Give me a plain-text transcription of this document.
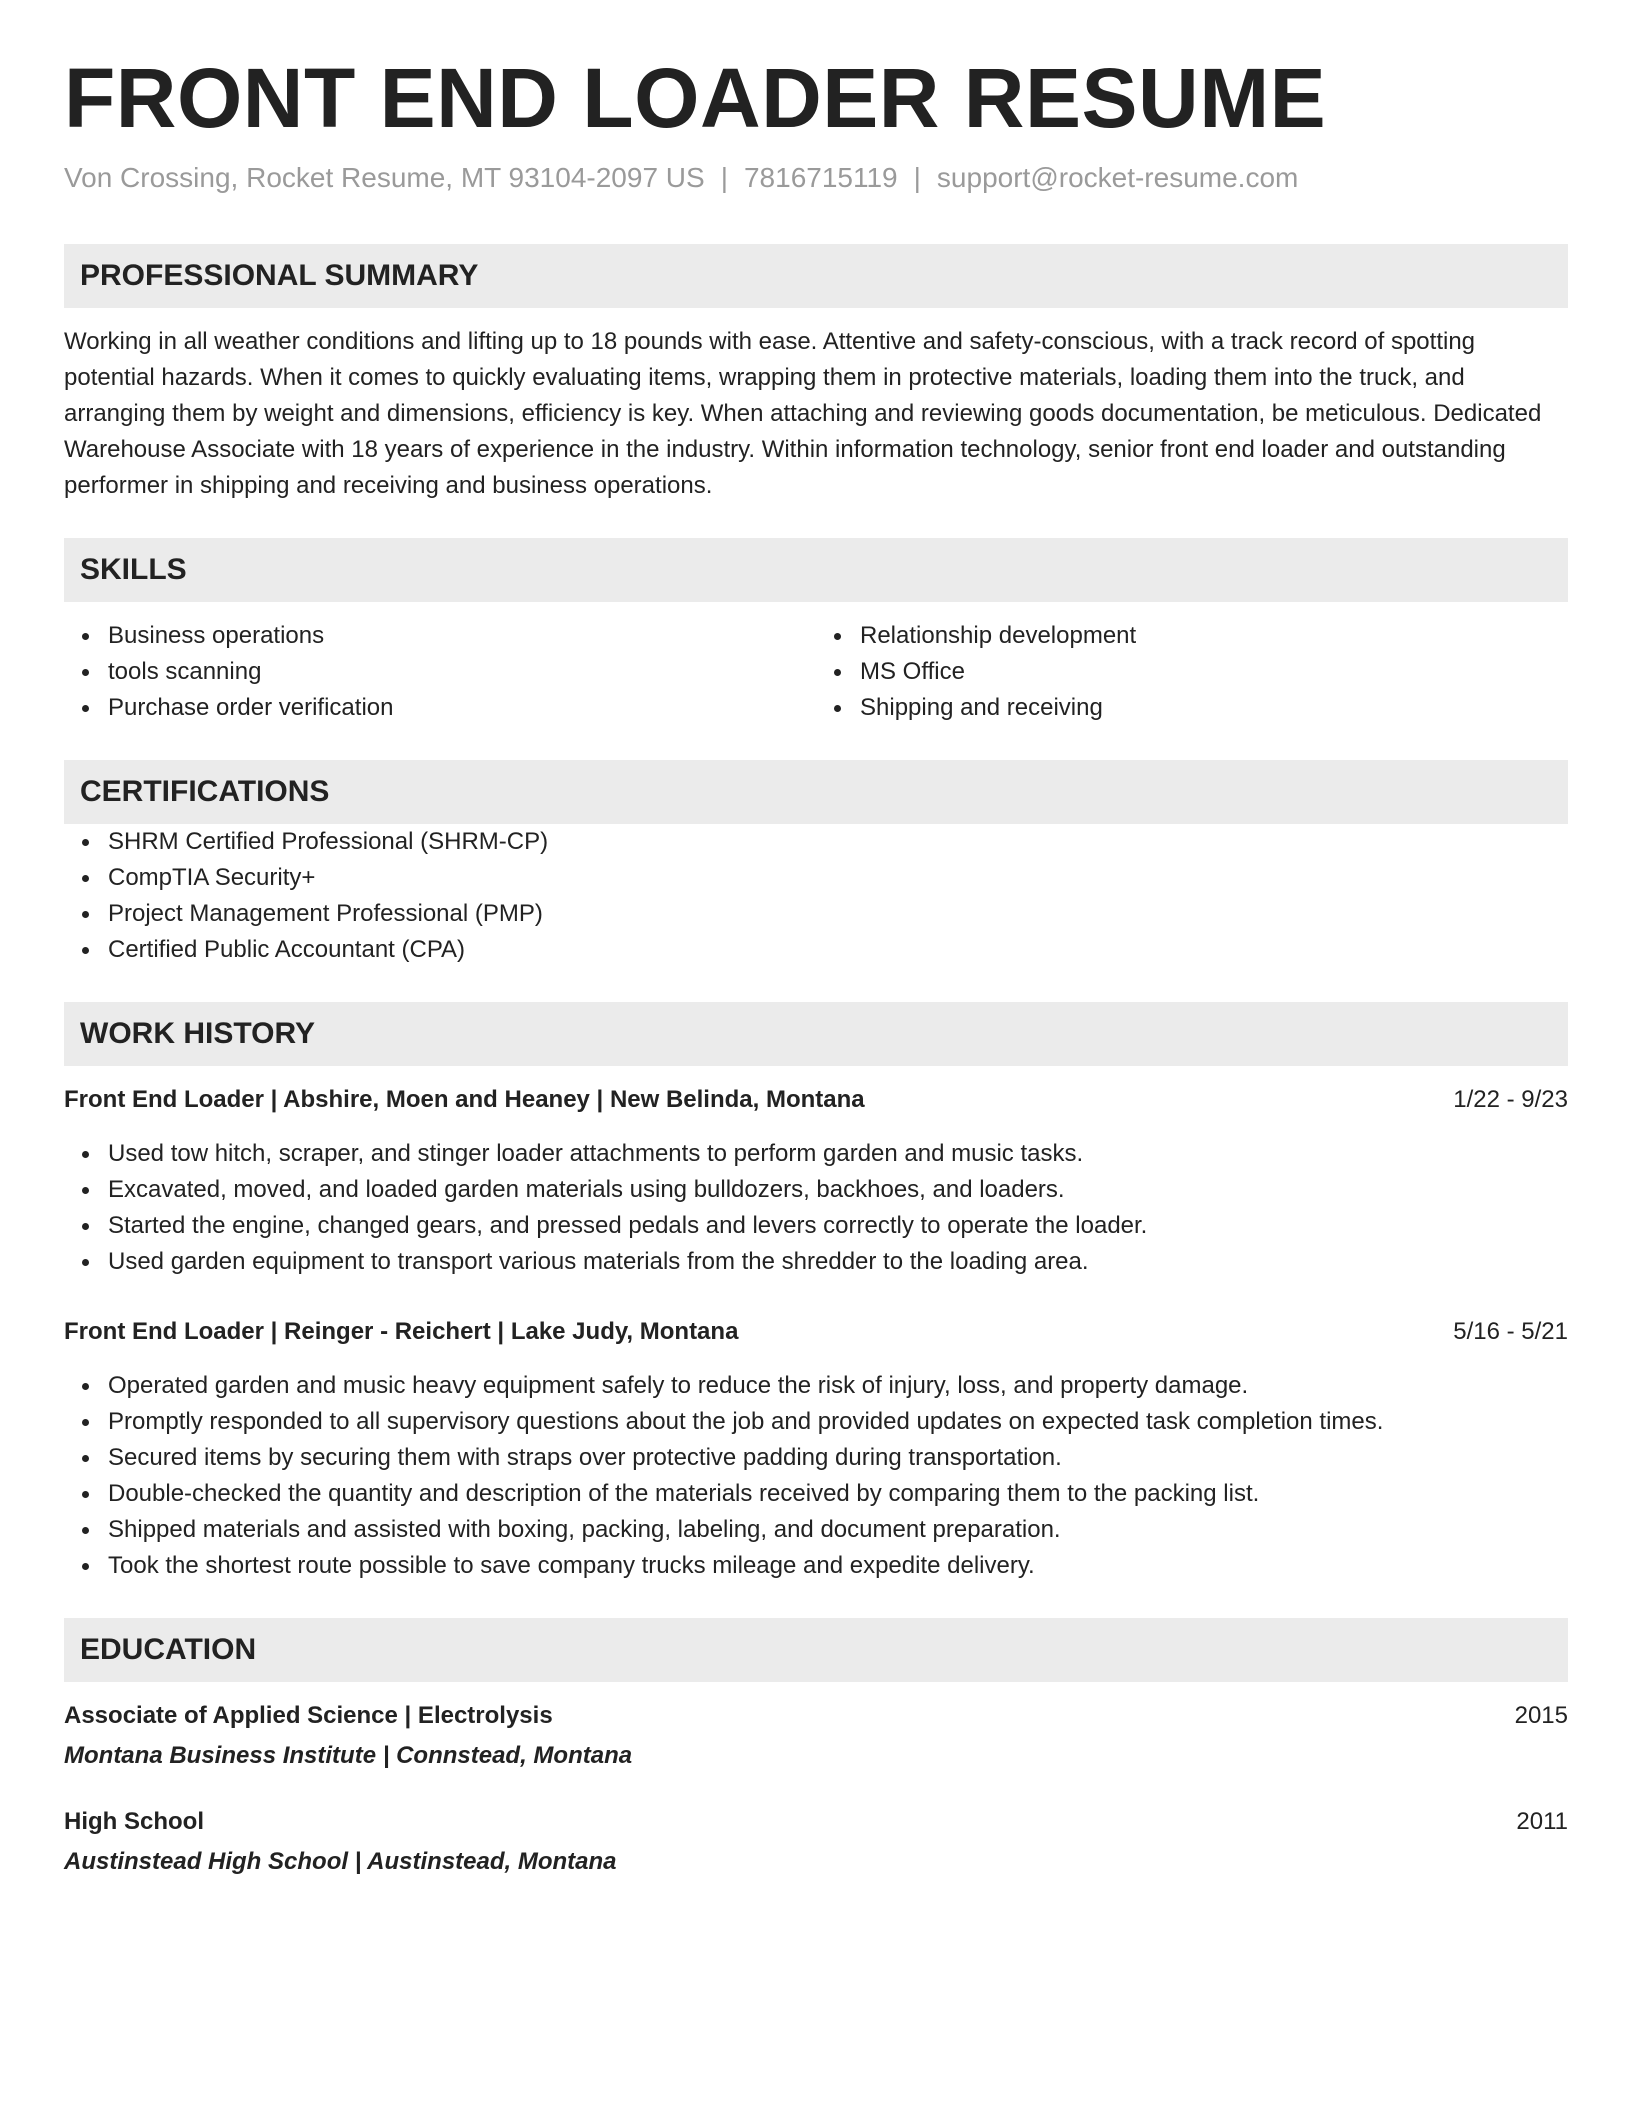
FRONT END LOADER RESUME
Von Crossing, Rocket Resume, MT 93104-2097 US | 7816715119 | support@rocket-resume.com
PROFESSIONAL SUMMARY
Working in all weather conditions and lifting up to 18 pounds with ease. Attentive and safety-conscious, with a track record of spotting potential hazards. When it comes to quickly evaluating items, wrapping them in protective materials, loading them into the truck, and arranging them by weight and dimensions, efficiency is key. When attaching and reviewing goods documentation, be meticulous. Dedicated Warehouse Associate with 18 years of experience in the industry. Within information technology, senior front end loader and outstanding performer in shipping and receiving and business operations.
SKILLS
Business operations
tools scanning
Purchase order verification
Relationship development
MS Office
Shipping and receiving
CERTIFICATIONS
SHRM Certified Professional (SHRM-CP)
CompTIA Security+
Project Management Professional (PMP)
Certified Public Accountant (CPA)
WORK HISTORY
Front End Loader | Abshire, Moen and Heaney | New Belinda, Montana	1/22 - 9/23
Used tow hitch, scraper, and stinger loader attachments to perform garden and music tasks.
Excavated, moved, and loaded garden materials using bulldozers, backhoes, and loaders.
Started the engine, changed gears, and pressed pedals and levers correctly to operate the loader.
Used garden equipment to transport various materials from the shredder to the loading area.
Front End Loader | Reinger - Reichert | Lake Judy, Montana	5/16 - 5/21
Operated garden and music heavy equipment safely to reduce the risk of injury, loss, and property damage.
Promptly responded to all supervisory questions about the job and provided updates on expected task completion times.
Secured items by securing them with straps over protective padding during transportation.
Double-checked the quantity and description of the materials received by comparing them to the packing list.
Shipped materials and assisted with boxing, packing, labeling, and document preparation.
Took the shortest route possible to save company trucks mileage and expedite delivery.
EDUCATION
Associate of Applied Science | Electrolysis	2015
Montana Business Institute | Connstead, Montana
High School	2011
Austinstead High School | Austinstead, Montana
